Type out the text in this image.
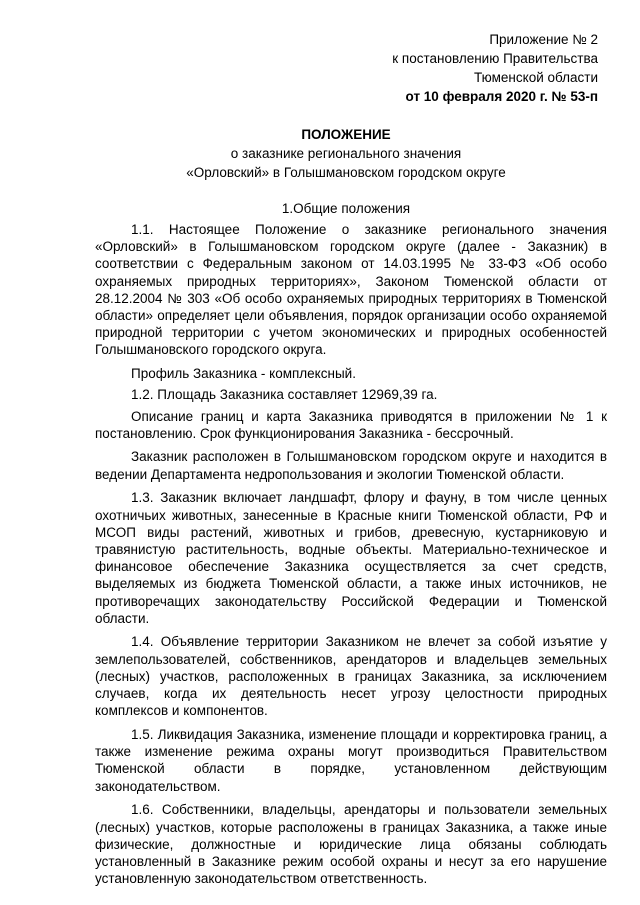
Приложение № 2
к постановлению Правительства
Тюменской области
от 10 февраля 2020 г. № 53-п
ПОЛОЖЕНИЕ
о заказнике регионального значения
«Орловский» в Голышмановском городском округе
1.Общие положения

1.1. Настоящее Положение о заказнике регионального значения «Орловский» в Голышмановском городском округе (далее - Заказник) в соответствии с Федеральным законом от 14.03.1995 № 33-ФЗ «Об особо охраняемых природных территориях», Законом Тюменской области от 28.12.2004 № 303 «Об особо охраняемых природных территориях в Тюменской области» определяет цели объявления, порядок организации особо охраняемой природной территории с учетом экономических и природных особенностей Голышмановского городского округа.

Профиль Заказника - комплексный.

1.2. Площадь Заказника составляет 12969,39 га.

Описание границ и карта Заказника приводятся в приложении № 1 к постановлению. Срок функционирования Заказника - бессрочный.

Заказник расположен в Голышмановском городском округе и находится в ведении Департамента недропользования и экологии Тюменской области.

1.3. Заказник включает ландшафт, флору и фауну, в том числе ценных охотничьих животных, занесенные в Красные книги Тюменской области, РФ и МСОП виды растений, животных и грибов, древесную, кустарниковую и травянистую растительность, водные объекты. Материально-техническое и финансовое обеспечение Заказника осуществляется за счет средств, выделяемых из бюджета Тюменской области, а также иных источников, не противоречащих законодательству Российской Федерации и Тюменской области.

1.4. Объявление территории Заказником не влечет за собой изъятие у землепользователей, собственников, арендаторов и владельцев земельных (лесных) участков, расположенных в границах Заказника, за исключением случаев, когда их деятельность несет угрозу целостности природных комплексов и компонентов.

1.5. Ликвидация Заказника, изменение площади и корректировка границ, а также изменение режима охраны могут производиться Правительством Тюменской области в порядке, установленном действующим законодательством.

1.6. Собственники, владельцы, арендаторы и пользователи земельных (лесных) участков, которые расположены в границах Заказника, а также иные физические, должностные и юридические лица обязаны соблюдать установленный в Заказнике режим особой охраны и несут за его нарушение установленную законодательством ответственность.
